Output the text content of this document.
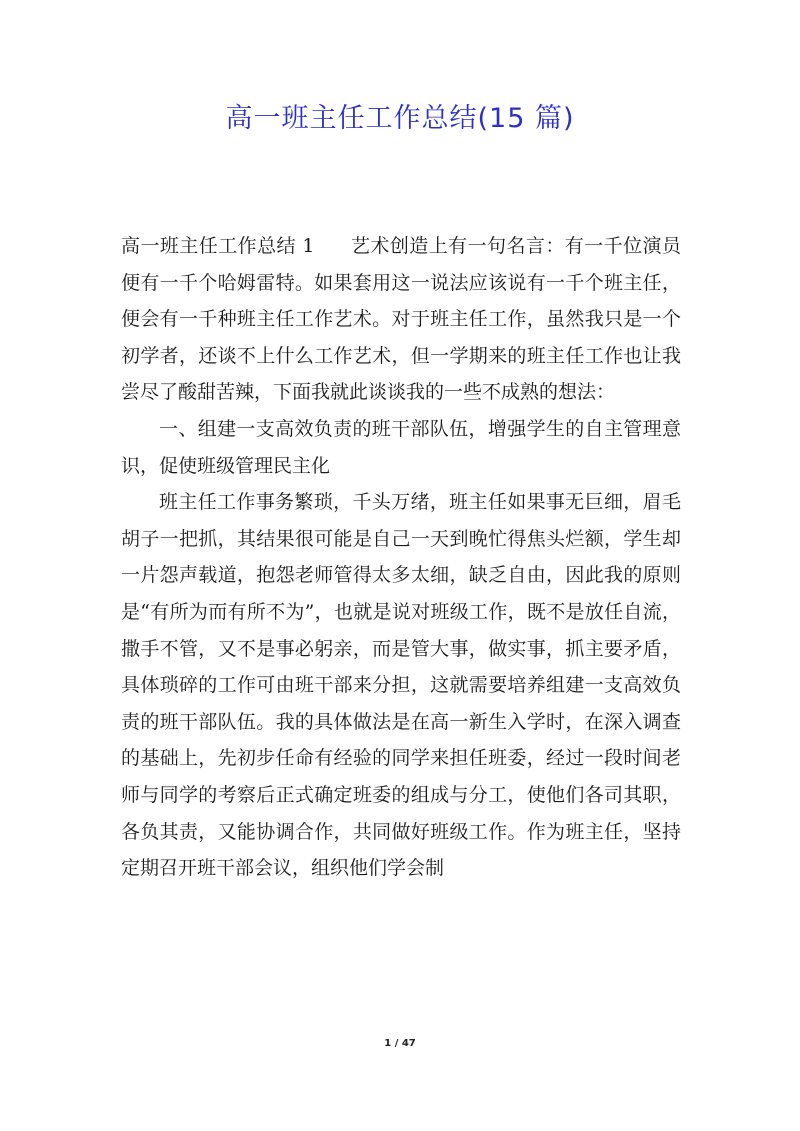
高一班主任工作总结(15 篇)

高一班主任工作总结 1 艺术创造上有一句名言：有一千位演员便有一千个哈姆雷特。如果套用这一说法应该说有一千个班主任，便会有一千种班主任工作艺术。对于班主任工作，虽然我只是一个初学者，还谈不上什么工作艺术，但一学期来的班主任工作也让我尝尽了酸甜苦辣，下面我就此谈谈我的一些不成熟的想法：

一、组建一支高效负责的班干部队伍，增强学生的自主管理意识，促使班级管理民主化

班主任工作事务繁琐，千头万绪，班主任如果事无巨细，眉毛胡子一把抓，其结果很可能是自己一天到晚忙得焦头烂额，学生却一片怨声载道，抱怨老师管得太多太细，缺乏自由，因此我的原则是“有所为而有所不为”，也就是说对班级工作，既不是放任自流，撒手不管，又不是事必躬亲，而是管大事，做实事，抓主要矛盾，具体琐碎的工作可由班干部来分担，这就需要培养组建一支高效负责的班干部队伍。我的具体做法是在高一新生入学时，在深入调查的基础上，先初步任命有经验的同学来担任班委，经过一段时间老师与同学的考察后正式确定班委的组成与分工，使他们各司其职，各负其责，又能协调合作，共同做好班级工作。作为班主任，坚持定期召开班干部会议，组织他们学会制

1 / 47
